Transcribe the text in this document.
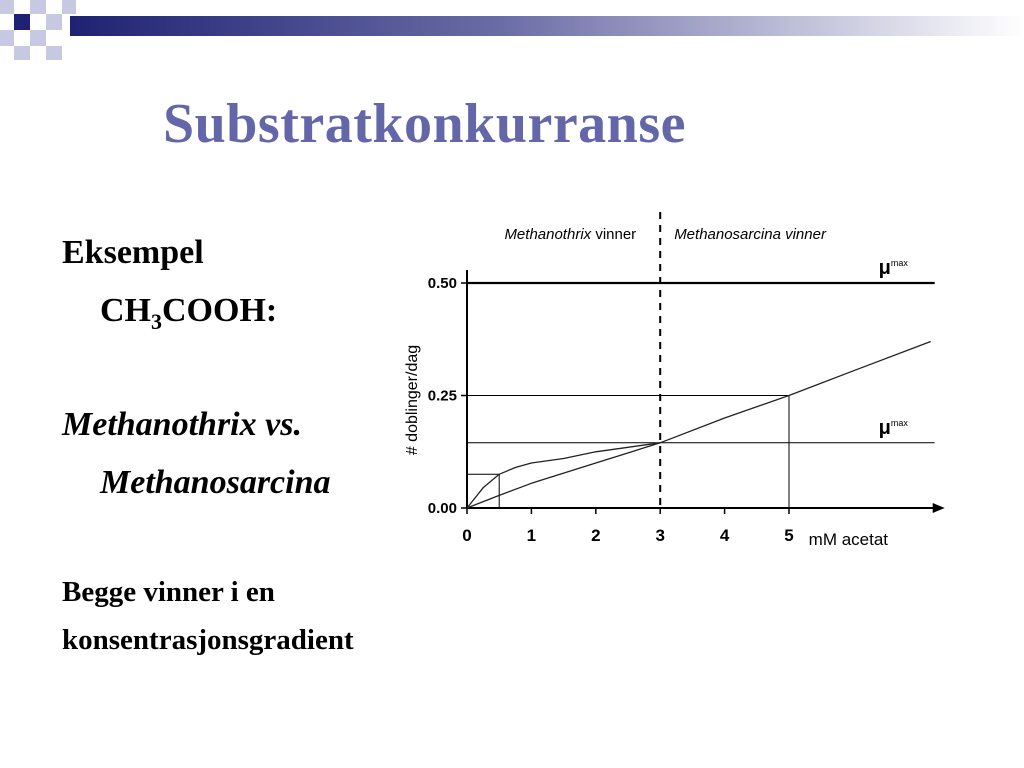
Substratkonkurranse
Eksempel
$CH_3COOH$:
Methanothrix vs.
Methanosarcina
Begge vinner i en
konsentrasjonsgradient
0.00
0.25
0.50
0	1	2	3	4	5
$\mu^{max}$
$\mu^{max}$
Methanothrix vinner	Methanosarcina vinner
mM acetat
# doblinger/dag
